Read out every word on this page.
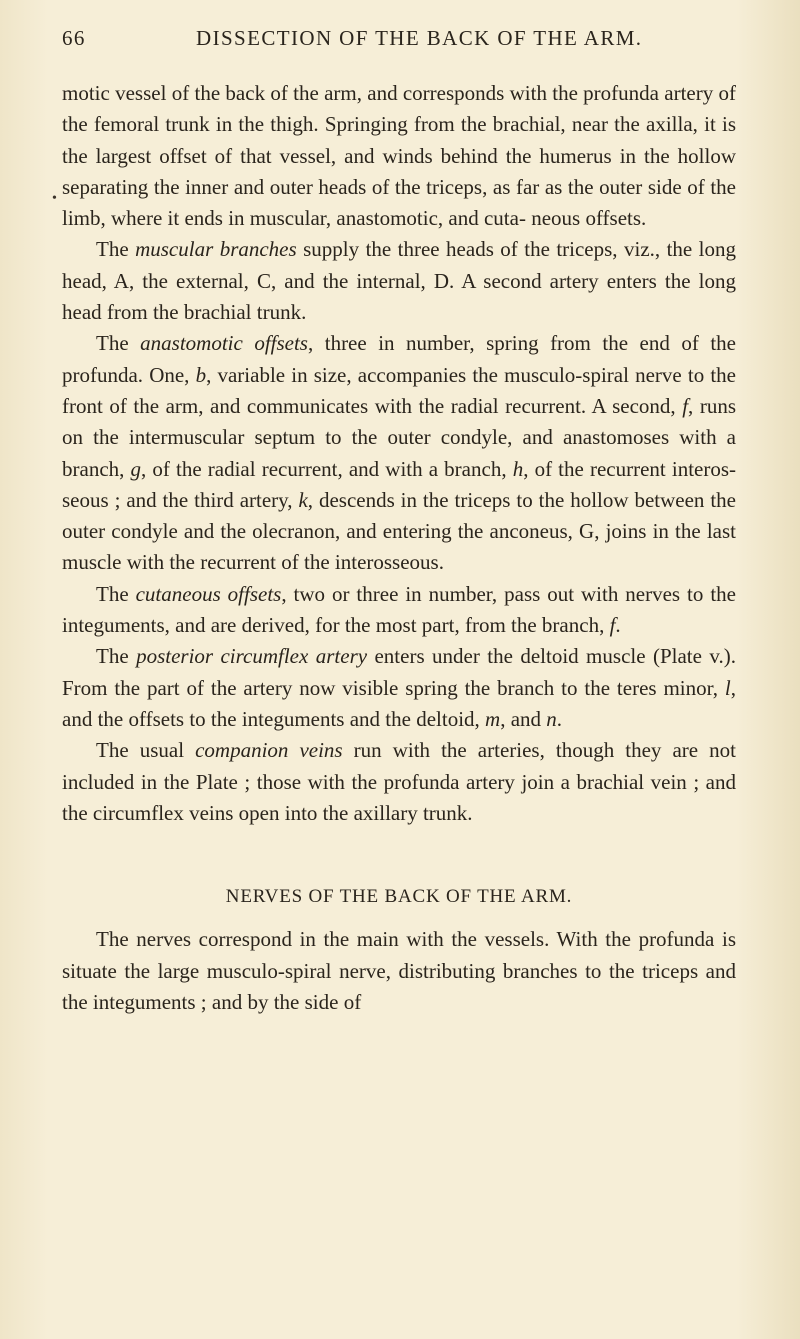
66	DISSECTION OF THE BACK OF THE ARM.
•

motic vessel of the back of the arm, and corresponds with the profunda artery of the femoral trunk in the thigh. Springing from the brachial, near the axilla, it is the largest offset of that vessel, and winds behind the humerus in the hollow separating the inner and outer heads of the triceps, as far as the outer side of the limb, where it ends in muscular, anastomotic, and cuta- neous offsets.

The muscular branches supply the three heads of the triceps, viz., the long head, A, the external, C, and the internal, D. A second artery enters the long head from the brachial trunk.

The anastomotic offsets, three in number, spring from the end of the profunda. One, b, variable in size, accompanies the musculo-spiral nerve to the front of the arm, and communicates with the radial recurrent. A second, f, runs on the intermuscular septum to the outer condyle, and anastomoses with a branch, g, of the radial recurrent, and with a branch, h, of the recurrent interos- seous ; and the third artery, k, descends in the triceps to the hollow between the outer condyle and the olecranon, and entering the anconeus, G, joins in the last muscle with the recurrent of the interosseous.

The cutaneous offsets, two or three in number, pass out with nerves to the integuments, and are derived, for the most part, from the branch, f.

The posterior circumflex artery enters under the deltoid muscle (Plate v.). From the part of the artery now visible spring the branch to the teres minor, l, and the offsets to the integuments and the deltoid, m, and n.

The usual companion veins run with the arteries, though they are not included in the Plate ; those with the profunda artery join a brachial vein ; and the circumflex veins open into the axillary trunk.

NERVES OF THE BACK OF THE ARM.

The nerves correspond in the main with the vessels. With the profunda is situate the large musculo-spiral nerve, distributing branches to the triceps and the integuments ; and by the side of
